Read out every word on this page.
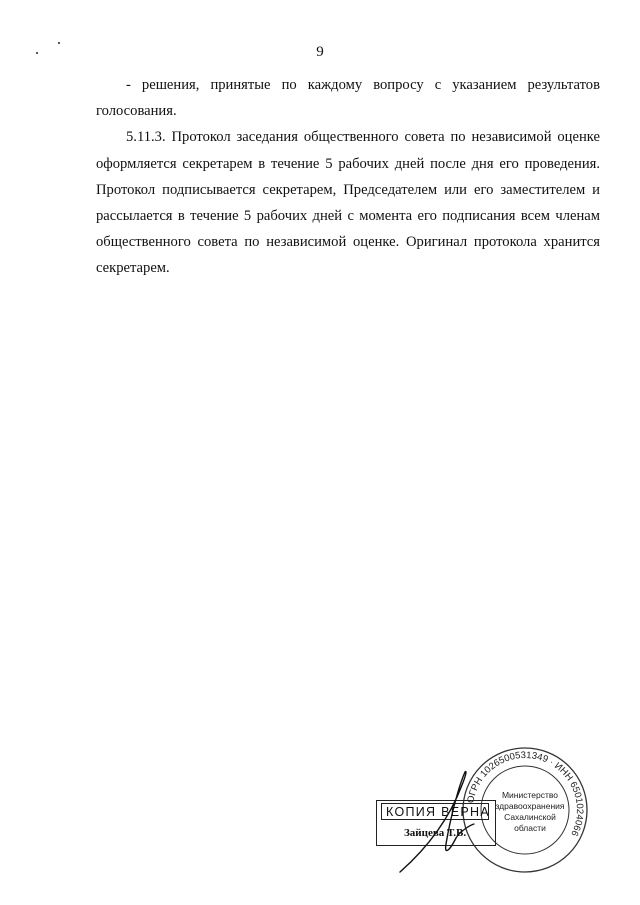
9

- решения, принятые по каждому вопросу с указанием результатов голосования.

5.11.3. Протокол заседания общественного совета по независимой оценке оформляется секретарем в течение 5 рабочих дней после дня его проведения. Протокол подписывается секретарем, Председателем или его заместителем и рассылается в течение 5 рабочих дней с момента его подписания всем членам общественного совета по независимой оценке. Оригинал протокола хранится секретарем.

ОГРН 1026500531349 · ИНН 6501024066
Министерство
здравоохранения
Сахалинской
области
КОПИЯ ВЕРНА
Зайцева Т.В.
